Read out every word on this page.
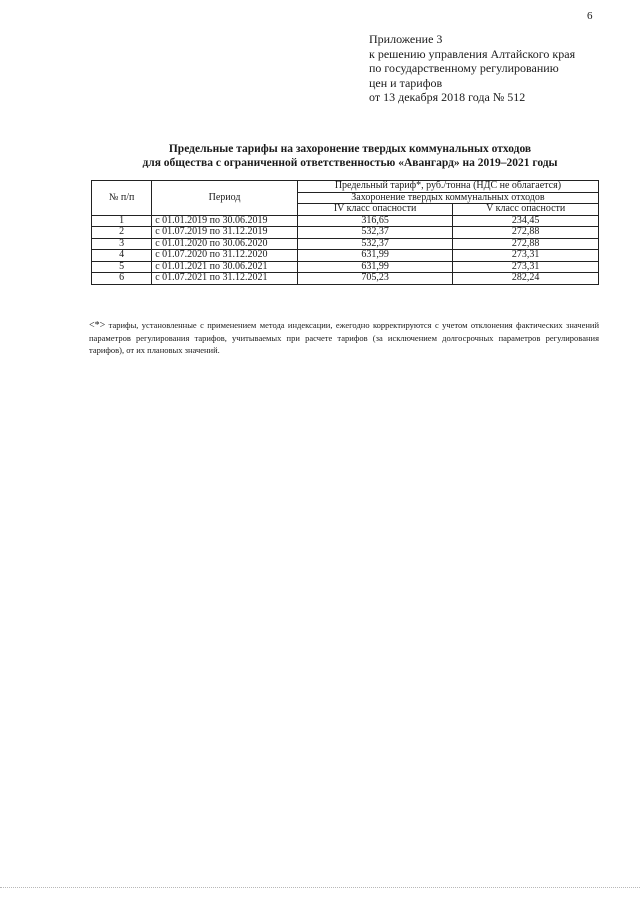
6
Приложение 3
к решению управления Алтайского края
по государственному регулированию
цен и тарифов
от 13 декабря 2018 года № 512
Предельные тарифы на захоронение твердых коммунальных отходов
для общества с ограниченной ответственностью «Авангард» на 2019–2021 годы
№ п/п	Период	Предельный тариф*, руб./тонна (НДС не облагается)	
		Захоронение твердых коммунальных отходов	
		IV класс опасности	V класс опасности
1	с 01.01.2019 по 30.06.2019	316,65	234,45
2	с 01.07.2019 по 31.12.2019	532,37	272,88
3	с 01.01.2020 по 30.06.2020	532,37	272,88
4	с 01.07.2020 по 31.12.2020	631,99	273,31
5	с 01.01.2021 по 30.06.2021	631,99	273,31
6	с 01.07.2021 по 31.12.2021	705,23	282,24
<*> тарифы, установленные с применением метода индексации, ежегодно корректируются с учетом отклонения фактических значений параметров регулирования тарифов, учитываемых при расчете тарифов (за исключением долгосрочных параметров регулирования тарифов), от их плановых значений.
